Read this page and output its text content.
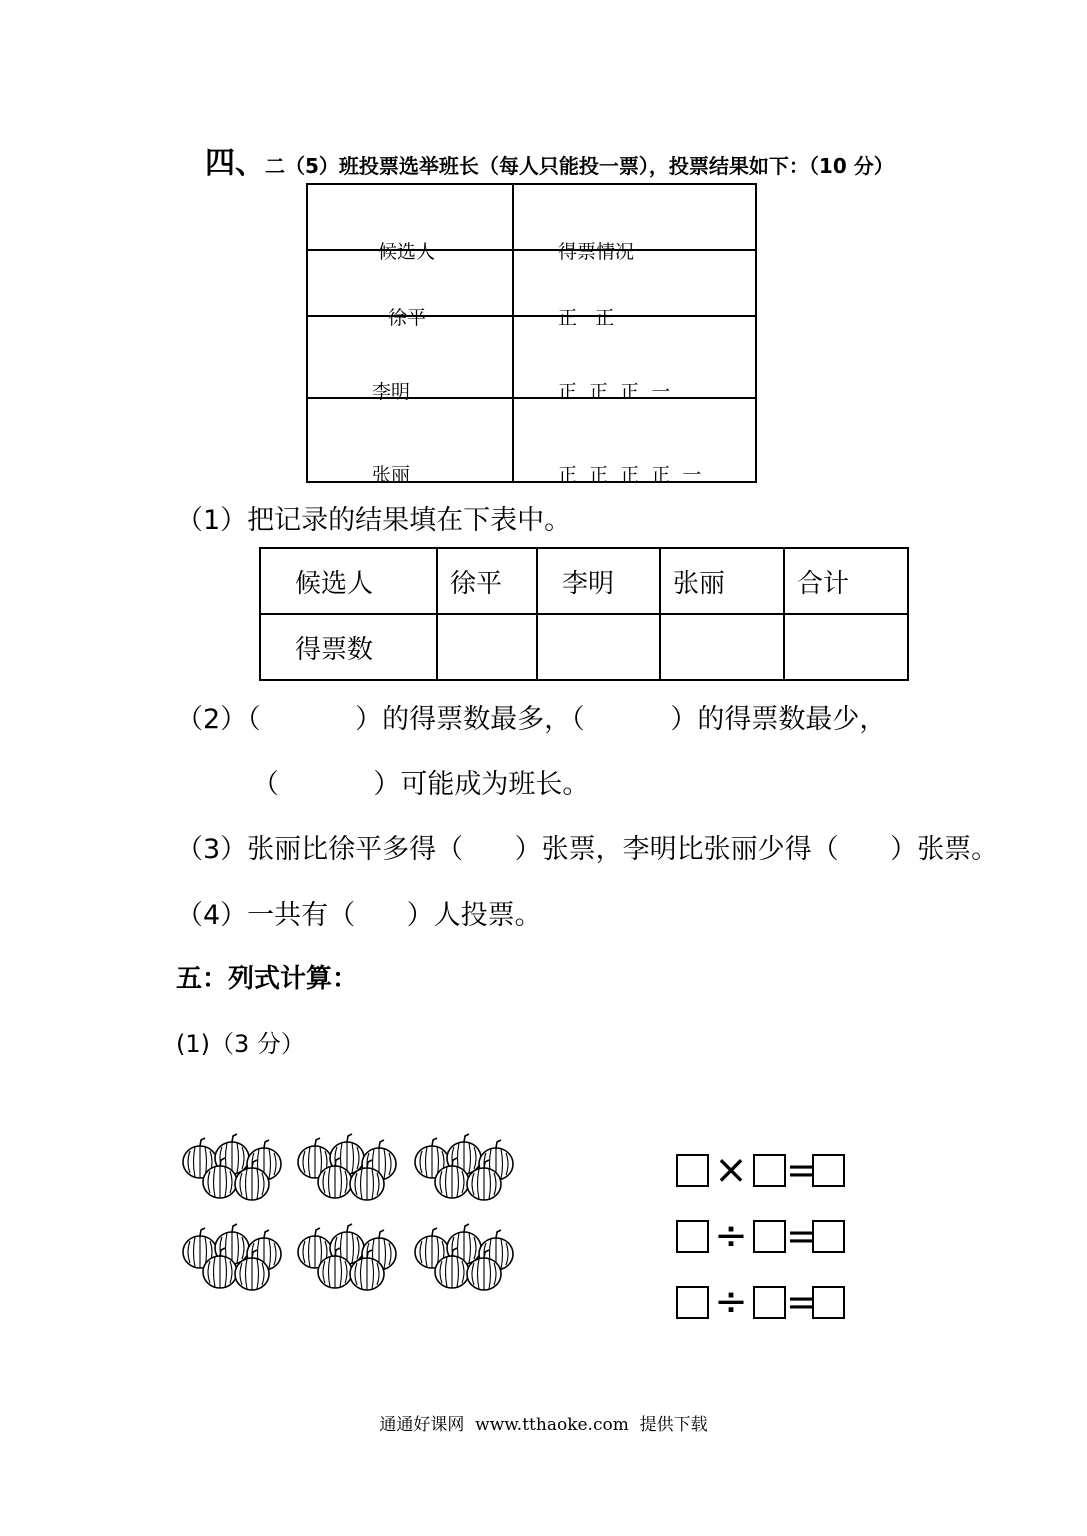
四、二（5）班投票选举班长（每人只能投一票），投票结果如下：（10 分）
候选人	得票情况

徐平	正   正

李明	正  正  正  一

张丽	正  正  正  正  一
（1）把记录的结果填在下表中。
候选人	徐平	李明	张丽	合计
得票数				
（2）（           ）的得票数最多，（          ）的得票数最少，
（           ）可能成为班长。
（3）张丽比徐平多得（      ）张票，李明比张丽少得（      ）张票。
（4）一共有（      ）人投票。
五：列式计算：
(1)（3 分）
× =
÷ =
÷ =
通通好课网  www.tthaoke.com  提供下载
